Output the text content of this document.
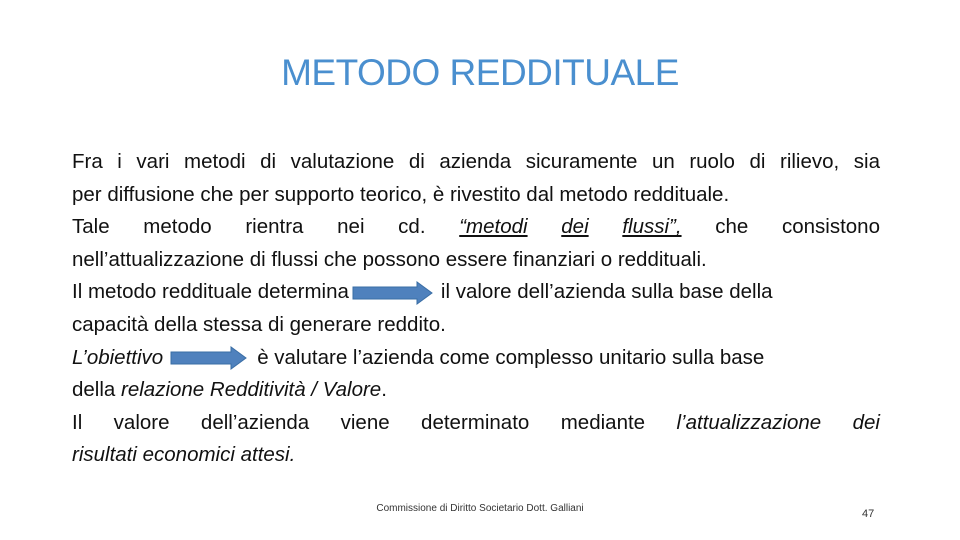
METODO REDDITUALE

Fra i vari metodi di valutazione di azienda sicuramente un ruolo di rilievo, sia
per diffusione che per supporto teorico, è rivestito dal metodo reddituale.

Tale metodo rientra nei cd. “metodi dei flussi”, che consistono
nell’attualizzazione di flussi che possono essere finanziari o reddituali.

Il metodo reddituale determina	il valore dell’azienda sulla base della
capacità della stessa di generare reddito.

L’obiettivo	è valutare l’azienda come complesso unitario sulla base
della relazione Redditività / Valore.

Il valore dell’azienda viene determinato mediante l’attualizzazione dei
risultati economici attesi.

Commissione di Diritto Societario Dott. Galliani	47
